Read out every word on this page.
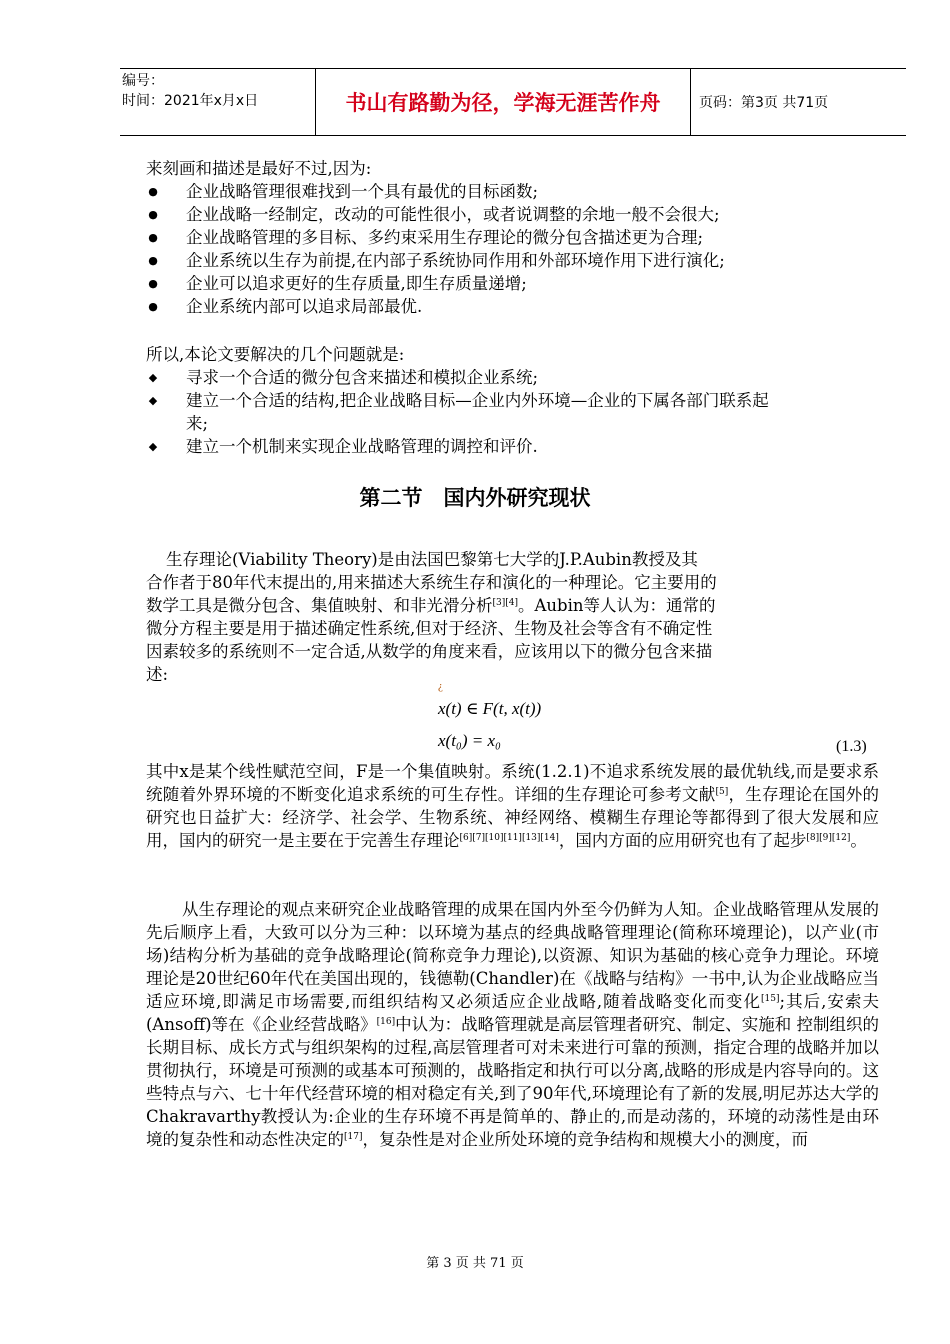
编号：
时间：2021年x月x日	书山有路勤为径，学海无涯苦作舟	页码：第3页 共71页
来刻画和描述是最好不过,因为:
● 企业战略管理很难找到一个具有最优的目标函数;
● 企业战略一经制定，改动的可能性很小，或者说调整的余地一般不会很大;
● 企业战略管理的多目标、多约束采用生存理论的微分包含描述更为合理;
● 企业系统以生存为前提,在内部子系统协同作用和外部环境作用下进行演化;
● 企业可以追求更好的生存质量,即生存质量递增;
● 企业系统内部可以追求局部最优.
所以,本论文要解决的几个问题就是:
◆ 寻求一个合适的微分包含来描述和模拟企业系统;
◆ 建立一个合适的结构,把企业战略目标—企业内外环境—企业的下属各部门联系起
来;
◆ 建立一个机制来实现企业战略管理的调控和评价.
第二节　国内外研究现状
生存理论(Viability Theory)是由法国巴黎第七大学的J.P.Aubin教授及其
合作者于80年代末提出的,用来描述大系统生存和演化的一种理论。它主要用的
数学工具是微分包含、集值映射、和非光滑分析[3][4]。Aubin等人认为：通常的
微分方程主要是用于描述确定性系统,但对于经济、生物及社会等含有不确定性
因素较多的系统则不一定合适,从数学的角度来看，应该用以下的微分包含来描
述:
¿
x(t) ∈ F(t, x(t))
x(t₀) = x₀	(1.3)
其中x是某个线性赋范空间，F是一个集值映射。系统(1.2.1)不追求系统发展的最优轨线,而是要求系统随着外界环境的不断变化追求系统的可生存性。详细的生存理论可参考文献[5]，生存理论在国外的研究也日益扩大：经济学、社会学、生物系统、神经网络、模糊生存理论等都得到了很大发展和应用，国内的研究一是主要在于完善生存理论[6][7][10][11][13][14]，国内方面的应用研究也有了起步[8][9][12]。
从生存理论的观点来研究企业战略管理的成果在国内外至今仍鲜为人知。企业战略管理从发展的先后顺序上看，大致可以分为三种：以环境为基点的经典战略管理理论(简称环境理论)，以产业(市场)结构分析为基础的竞争战略理论(简称竞争力理论),以资源、知识为基础的核心竞争力理论。环境理论是20世纪60年代在美国出现的，钱德勒(Chandler)在《战略与结构》一书中,认为企业战略应当适应环境,即满足市场需要,而组织结构又必须适应企业战略,随着战略变化而变化[15];其后,安索夫(Ansoff)等在《企业经营战略》[16]中认为：战略管理就是高层管理者研究、制定、实施和 控制组织的长期目标、成长方式与组织架构的过程,高层管理者可对未来进行可靠的预测，指定合理的战略并加以贯彻执行，环境是可预测的或基本可预测的，战略指定和执行可以分离,战略的形成是内容导向的。这些特点与六、七十年代经营环境的相对稳定有关,到了90年代,环境理论有了新的发展,明尼苏达大学的Chakravarthy教授认为:企业的生存环境不再是简单的、静止的,而是动荡的，环境的动荡性是由环境的复杂性和动态性决定的[17]，复杂性是对企业所处环境的竞争结构和规模大小的测度，而
第 3 页 共 71 页
